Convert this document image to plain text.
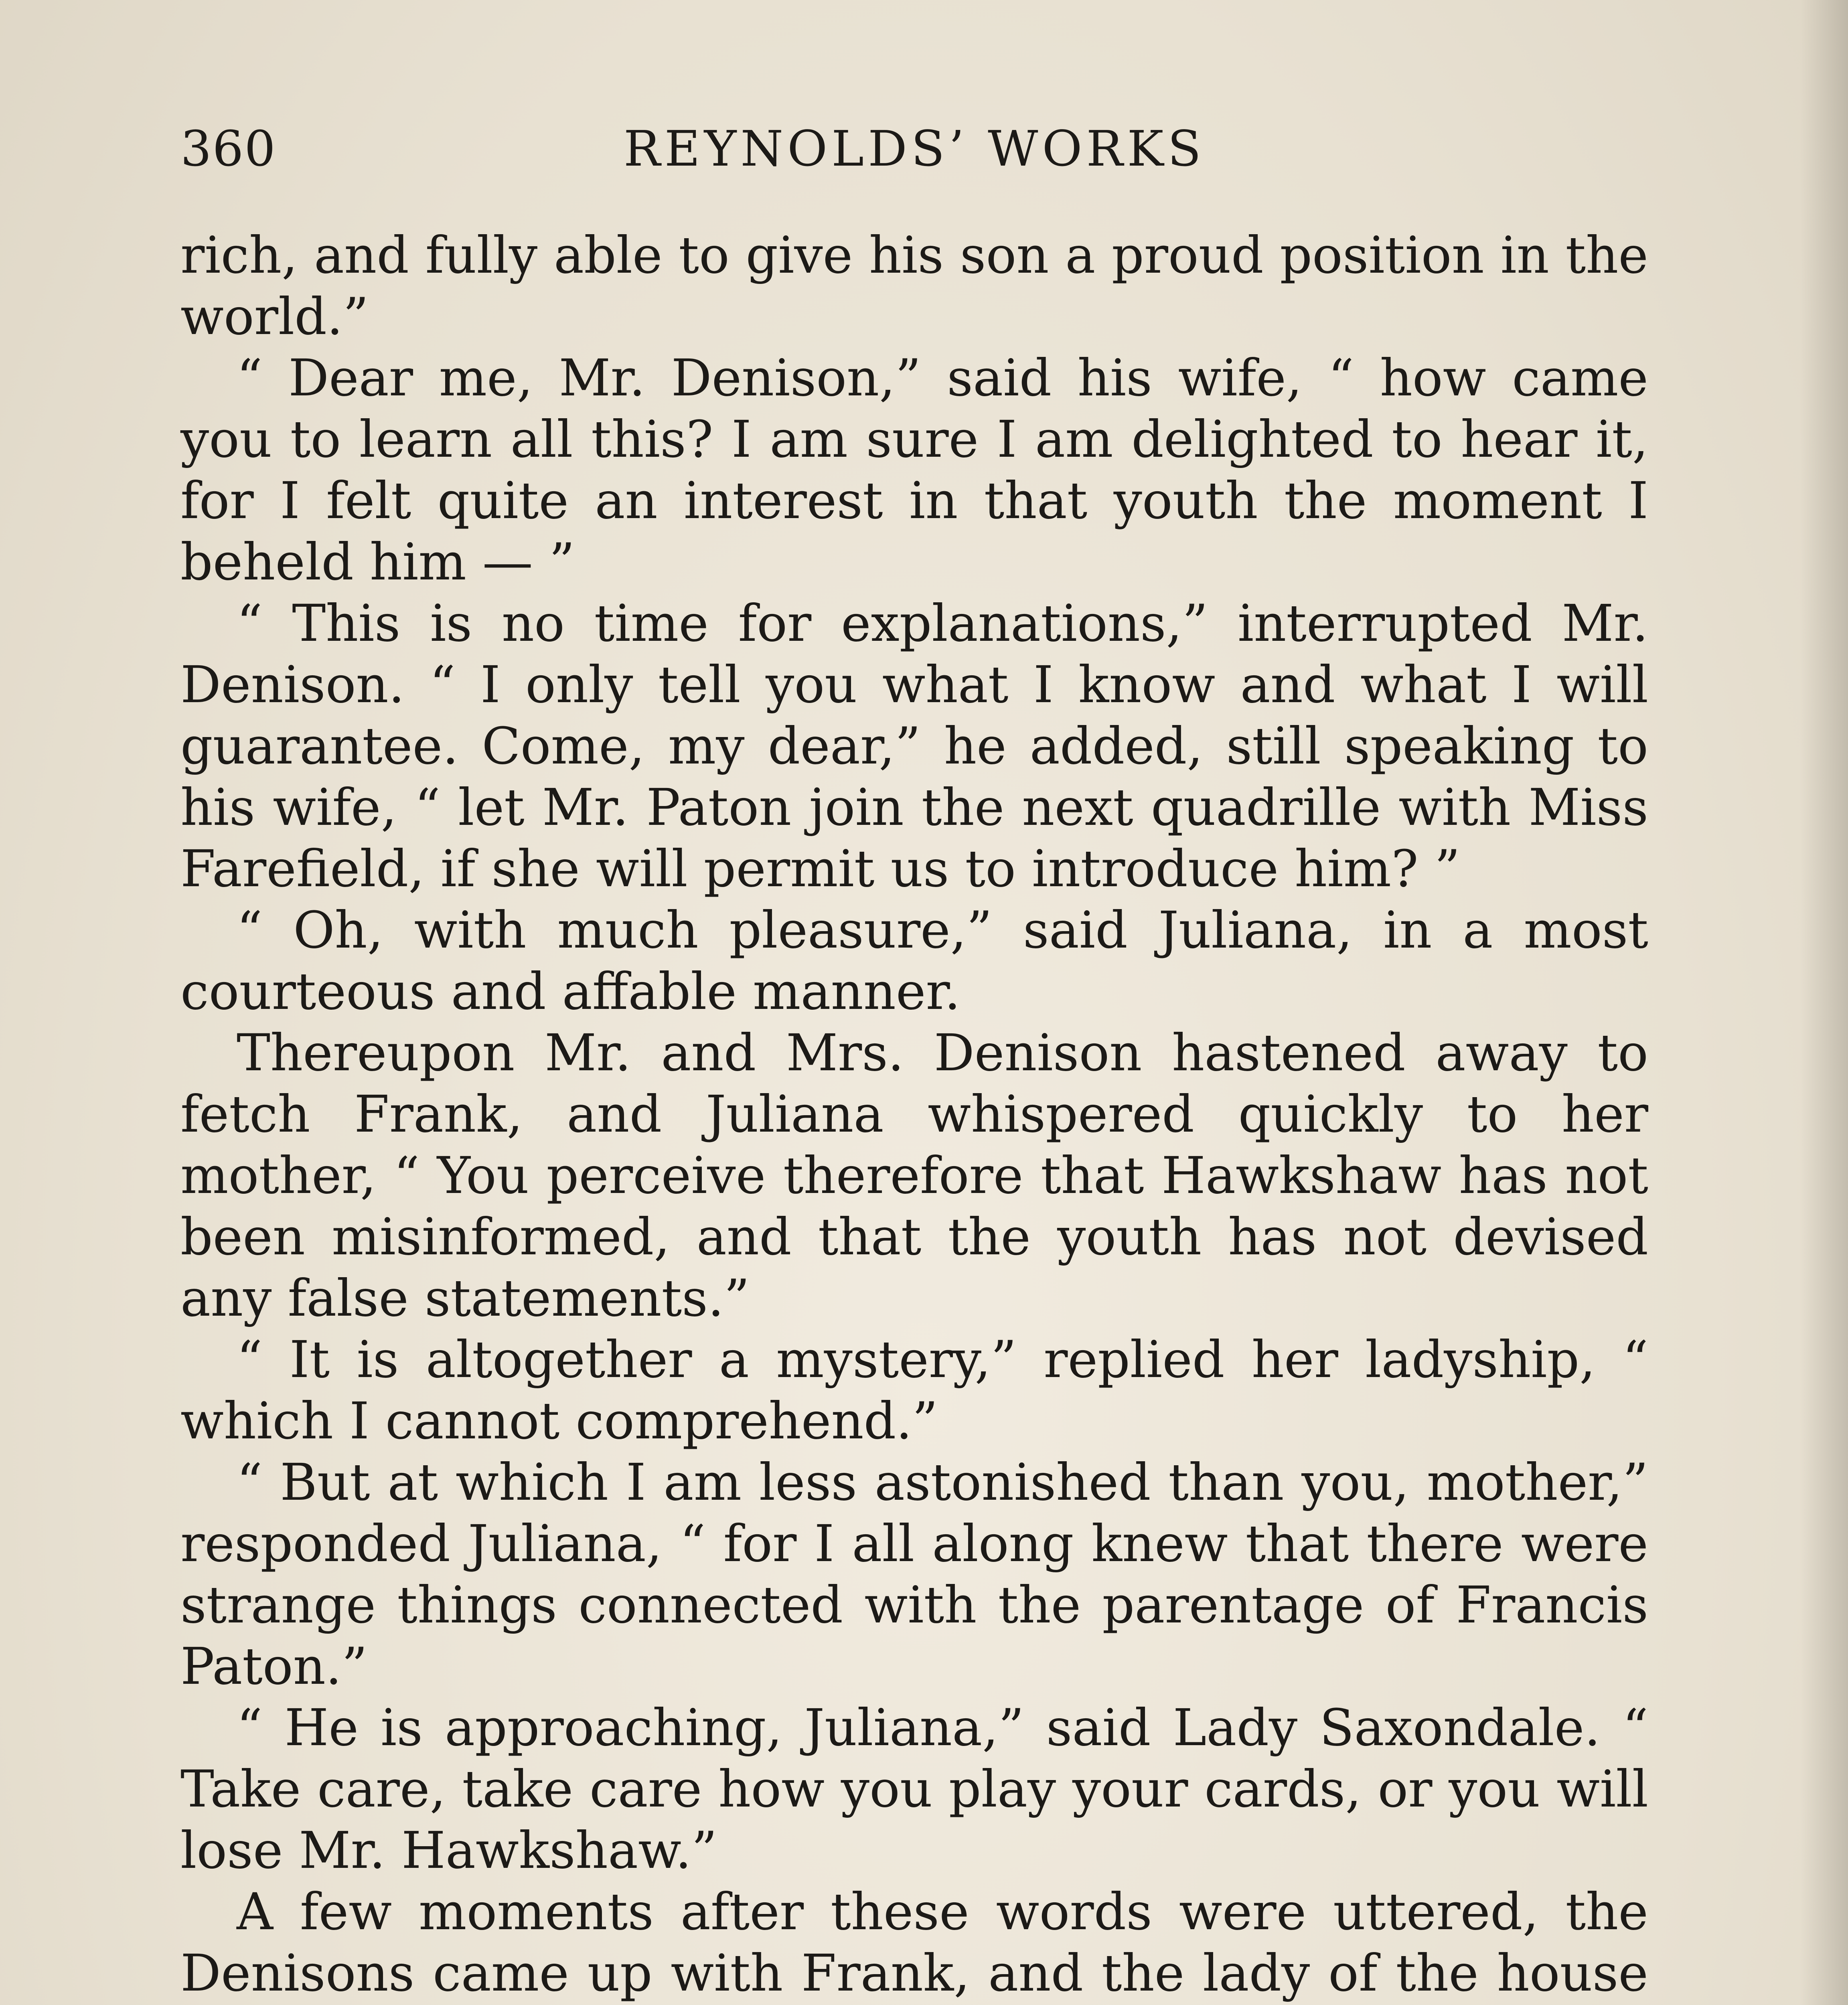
360	REYNOLDS’ WORKS

rich, and fully able to give his son a proud position in the world.”

“ Dear me, Mr. Denison,” said his wife, “ how came you to learn all this? I am sure I am delighted to hear it, for I felt quite an interest in that youth the moment I beheld him — ”

“ This is no time for explanations,” interrupted Mr. Denison. “ I only tell you what I know and what I will guarantee. Come, my dear,” he added, still speaking to his wife, “ let Mr. Paton join the next quadrille with Miss Farefield, if she will permit us to introduce him? ”

“ Oh, with much pleasure,” said Juliana, in a most courteous and affable manner.

Thereupon Mr. and Mrs. Denison hastened away to fetch Frank, and Juliana whispered quickly to her mother, “ You perceive therefore that Hawkshaw has not been misinformed, and that the youth has not devised any false statements.”

“ It is altogether a mystery,” replied her ladyship, “ which I cannot comprehend.”

“ But at which I am less astonished than you, mother,” responded Juliana, “ for I all along knew that there were strange things connected with the parentage of Francis Paton.”

“ He is approaching, Juliana,” said Lady Saxondale. “ Take care, take care how you play your cards, or you will lose Mr. Hawkshaw.”

A few moments after these words were uttered, the Denisons came up with Frank, and the lady of the house
